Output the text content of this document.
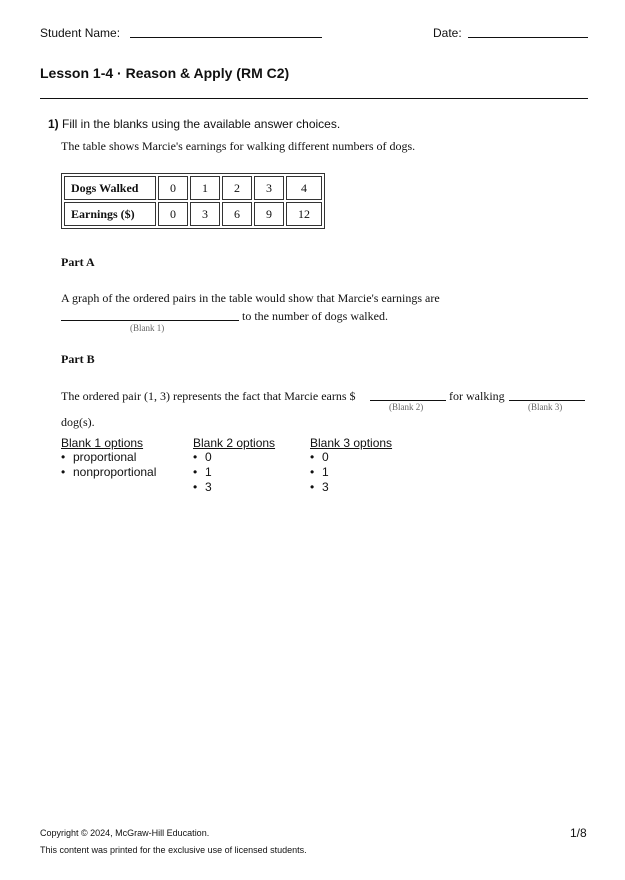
Student Name:	Date:
Lesson 1-4 · Reason & Apply (RM C2)
1) Fill in the blanks using the available answer choices.
The table shows Marcie's earnings for walking different numbers of dogs.
Dogs Walked	0	1	2	3	4
Earnings ($)	0	3	6	9	12
Part A
A graph of the ordered pairs in the table would show that Marcie's earnings are
to the number of dogs walked.
(Blank 1)
Part B
The ordered pair (1, 3) represents the fact that Marcie earns $
(Blank 2)
for walking
(Blank 3)
dog(s).
Blank 1 options
• proportional
• nonproportional
Blank 2 options
• 0
• 1
• 3
Blank 3 options
• 0
• 1
• 3
Copyright © 2024, McGraw-Hill Education.
This content was printed for the exclusive use of licensed students.
1/8
